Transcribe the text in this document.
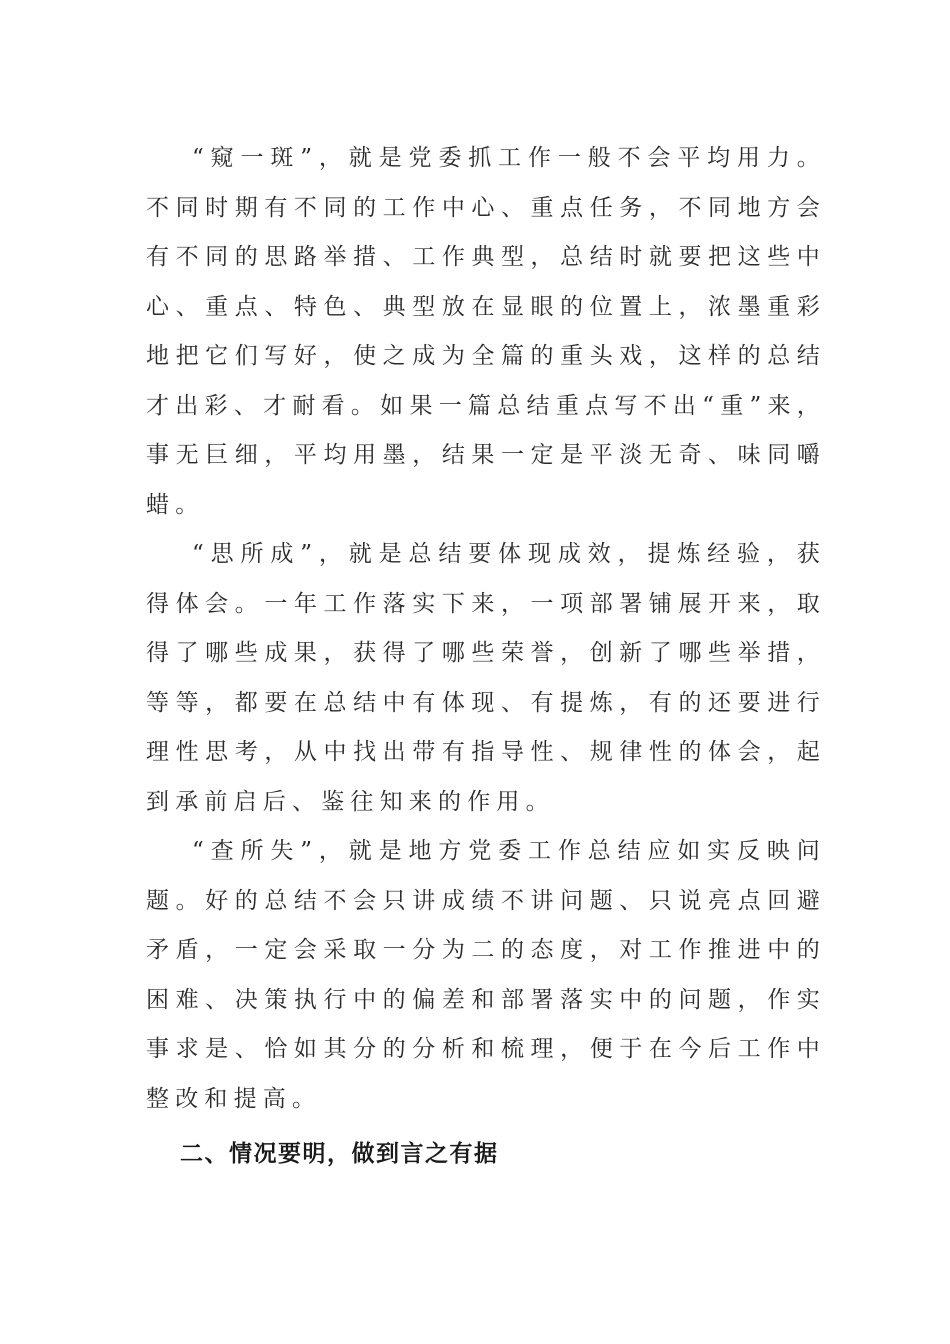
“窥一斑”，就是党委抓工作一般不会平均用力。不同时期有不同的工作中心、重点任务，不同地方会有不同的思路举措、工作典型，总结时就要把这些中心、重点、特色、典型放在显眼的位置上，浓墨重彩地把它们写好，使之成为全篇的重头戏，这样的总结才出彩、才耐看。如果一篇总结重点写不出“重”来，事无巨细，平均用墨，结果一定是平淡无奇、味同嚼蜡。

“思所成”，就是总结要体现成效，提炼经验，获得体会。一年工作落实下来，一项部署铺展开来，取得了哪些成果，获得了哪些荣誉，创新了哪些举措，等等，都要在总结中有体现、有提炼，有的还要进行理性思考，从中找出带有指导性、规律性的体会，起到承前启后、鉴往知来的作用。

“查所失”，就是地方党委工作总结应如实反映问题。好的总结不会只讲成绩不讲问题、只说亮点回避矛盾，一定会采取一分为二的态度，对工作推进中的困难、决策执行中的偏差和部署落实中的问题，作实事求是、恰如其分的分析和梳理，便于在今后工作中整改和提高。

二、情况要明，做到言之有据
